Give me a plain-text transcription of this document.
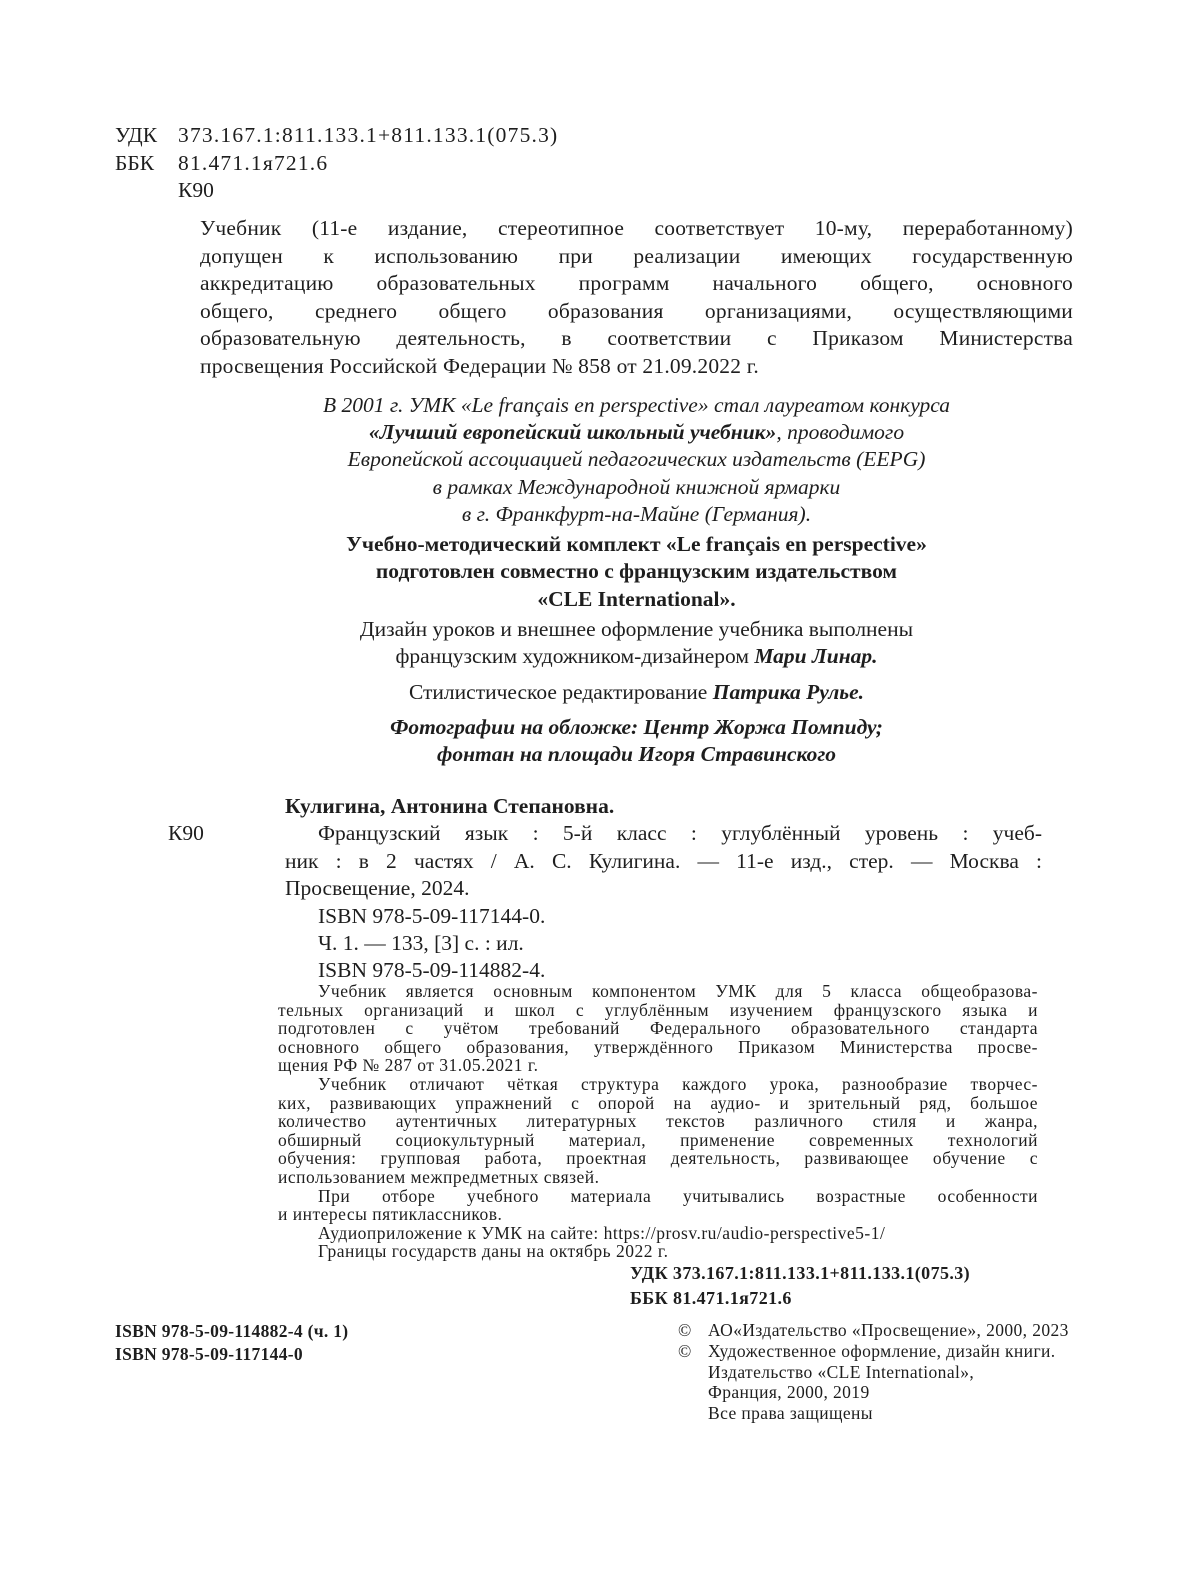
УДК 373.167.1:811.133.1+811.133.1(075.3)
ББК 81.471.1я721.6
К90
Учебник (11-е издание, стереотипное соответствует 10-му, переработанному)
допущен к использованию при реализации имеющих государственную
аккредитацию образовательных программ начального общего, основного
общего, среднего общего образования организациями, осуществляющими
образовательную деятельность, в соответствии с Приказом Министерства
просвещения Российской Федерации № 858 от 21.09.2022 г.
В 2001 г. УМК «Le français en perspective» стал лауреатом конкурса
«Лучший европейский школьный учебник», проводимого
Европейской ассоциацией педагогических издательств (EEPG)
в рамках Международной книжной ярмарки
в г. Франкфурт-на-Майне (Германия).
Учебно-методический комплект «Le français en perspective»
подготовлен совместно с французским издательством
«CLE International».
Дизайн уроков и внешнее оформление учебника выполнены
французским художником-дизайнером Мари Линар.
Стилистическое редактирование Патрика Рулье.
Фотографии на обложке: Центр Жоржа Помпиду;
фонтан на площади Игоря Стравинского
К90
Кулигина, Антонина Степановна.
Французский язык : 5-й класс : углублённый уровень : учеб-
ник : в 2 частях / А. С. Кулигина. — 11-е изд., стер. — Москва :
Просвещение, 2024.
ISBN 978-5-09-117144-0.
Ч. 1. — 133, [3] с. : ил.
ISBN 978-5-09-114882-4.
Учебник является основным компонентом УМК для 5 класса общеобразова-
тельных организаций и школ с углублённым изучением французского языка и
подготовлен с учётом требований Федерального образовательного стандарта
основного общего образования, утверждённого Приказом Министерства просве-
щения РФ № 287 от 31.05.2021 г.
Учебник отличают чёткая структура каждого урока, разнообразие творчес-
ких, развивающих упражнений с опорой на аудио- и зрительный ряд, большое
количество аутентичных литературных текстов различного стиля и жанра,
обширный социокультурный материал, применение современных технологий
обучения: групповая работа, проектная деятельность, развивающее обучение с
использованием межпредметных связей.
При отборе учебного материала учитывались возрастные особенности
и интересы пятиклассников.
Аудиоприложение к УМК на сайте: https://prosv.ru/audio-perspective5-1/
Границы государств даны на октябрь 2022 г.
УДК 373.167.1:811.133.1+811.133.1(075.3)
ББК 81.471.1я721.6
ISBN 978-5-09-114882-4 (ч. 1)
ISBN 978-5-09-117144-0
© АО«Издательство «Просвещение», 2000, 2023
© Художественное оформление, дизайн книги.
Издательство «CLE International»,
Франция, 2000, 2019
Все права защищены
